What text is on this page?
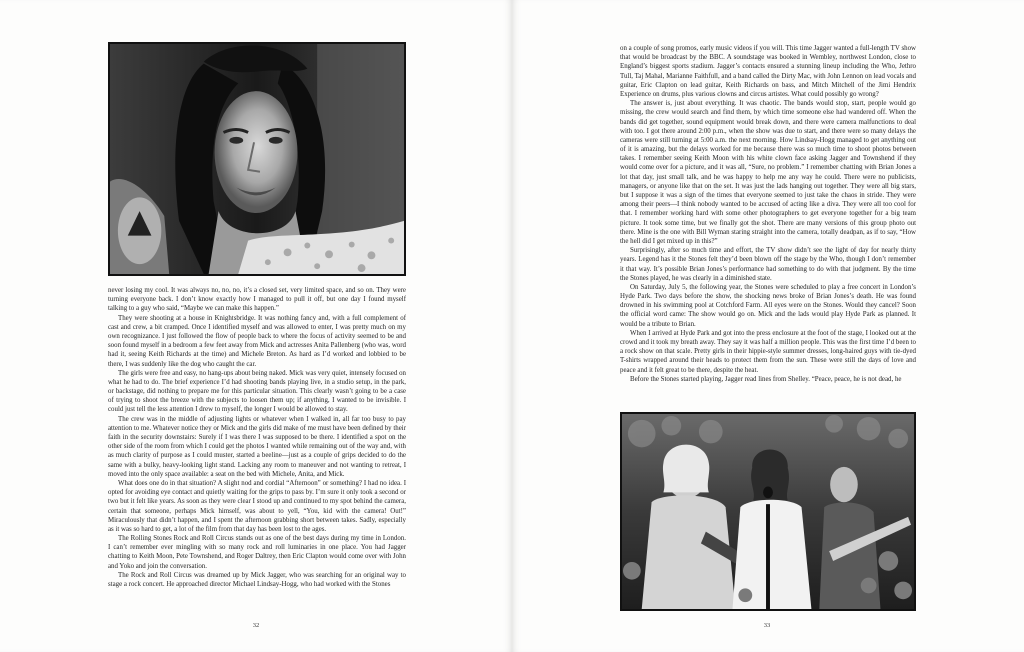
never losing my cool. It was always no, no, no, it’s a closed set, very limited space, and so on. They were turning everyone back. I don’t know exactly how I managed to pull it off, but one day I found myself talking to a guy who said, “Maybe we can make this happen.”

They were shooting at a house in Knightsbridge. It was nothing fancy and, with a full complement of cast and crew, a bit cramped. Once I identified myself and was allowed to enter, I was pretty much on my own recognizance. I just followed the flow of people back to where the focus of activity seemed to be and soon found myself in a bedroom a few feet away from Mick and actresses Anita Pallenberg (who was, word had it, seeing Keith Richards at the time) and Michele Breton. As hard as I’d worked and lobbied to be there, I was suddenly like the dog who caught the car.

The girls were free and easy, no hang-ups about being naked. Mick was very quiet, intensely focused on what he had to do. The brief experience I’d had shooting bands playing live, in a studio setup, in the park, or backstage, did nothing to prepare me for this particular situation. This clearly wasn’t going to be a case of trying to shoot the breeze with the subjects to loosen them up; if anything, I wanted to be invisible. I could just tell the less attention I drew to myself, the longer I would be allowed to stay.

The crew was in the middle of adjusting lights or whatever when I walked in, all far too busy to pay attention to me. Whatever notice they or Mick and the girls did make of me must have been defined by their faith in the security downstairs: Surely if I was there I was supposed to be there. I identified a spot on the other side of the room from which I could get the photos I wanted while remaining out of the way and, with as much clarity of purpose as I could muster, started a beeline—just as a couple of grips decided to do the same with a bulky, heavy-looking light stand. Lacking any room to maneuver and not wanting to retreat, I moved into the only space available: a seat on the bed with Michele, Anita, and Mick.

What does one do in that situation? A slight nod and cordial “Afternoon” or something? I had no idea. I opted for avoiding eye contact and quietly waiting for the grips to pass by. I’m sure it only took a second or two but it felt like years. As soon as they were clear I stood up and continued to my spot behind the camera, certain that someone, perhaps Mick himself, was about to yell, “You, kid with the camera! Out!” Miraculously that didn’t happen, and I spent the afternoon grabbing short between takes. Sadly, especially as it was so hard to get, a lot of the film from that day has been lost to the ages.

The Rolling Stones Rock and Roll Circus stands out as one of the best days during my time in London. I can’t remember ever mingling with so many rock and roll luminaries in one place. You had Jagger chatting to Keith Moon, Pete Townshend, and Roger Daltrey, then Eric Clapton would come over with John and Yoko and join the conversation.

The Rock and Roll Circus was dreamed up by Mick Jagger, who was searching for an original way to stage a rock concert. He approached director Michael Lindsay-Hogg, who had worked with the Stones

32

on a couple of song promos, early music videos if you will. This time Jagger wanted a full-length TV show that would be broadcast by the BBC. A soundstage was booked in Wembley, northwest London, close to England’s biggest sports stadium. Jagger’s contacts ensured a stunning lineup including the Who, Jethro Tull, Taj Mahal, Marianne Faithfull, and a band called the Dirty Mac, with John Lennon on lead vocals and guitar, Eric Clapton on lead guitar, Keith Richards on bass, and Mitch Mitchell of the Jimi Hendrix Experience on drums, plus various clowns and circus artistes. What could possibly go wrong?

The answer is, just about everything. It was chaotic. The bands would stop, start, people would go missing, the crew would search and find them, by which time someone else had wandered off. When the bands did get together, sound equipment would break down, and there were camera malfunctions to deal with too. I got there around 2:00 p.m., when the show was due to start, and there were so many delays the cameras were still turning at 5:00 a.m. the next morning. How Lindsay-Hogg managed to get anything out of it is amazing, but the delays worked for me because there was so much time to shoot photos between takes. I remember seeing Keith Moon with his white clown face asking Jagger and Townshend if they would come over for a picture, and it was all, “Sure, no problem.” I remember chatting with Brian Jones a lot that day, just small talk, and he was happy to help me any way he could. There were no publicists, managers, or anyone like that on the set. It was just the lads hanging out together. They were all big stars, but I suppose it was a sign of the times that everyone seemed to just take the chaos in stride. They were among their peers—I think nobody wanted to be accused of acting like a diva. They were all too cool for that. I remember working hard with some other photographers to get everyone together for a big team picture. It took some time, but we finally got the shot. There are many versions of this group photo out there. Mine is the one with Bill Wyman staring straight into the camera, totally deadpan, as if to say, “How the hell did I get mixed up in this?”

Surprisingly, after so much time and effort, the TV show didn’t see the light of day for nearly thirty years. Legend has it the Stones felt they’d been blown off the stage by the Who, though I don’t remember it that way. It’s possible Brian Jones’s performance had something to do with that judgment. By the time the Stones played, he was clearly in a diminished state.

On Saturday, July 5, the following year, the Stones were scheduled to play a free concert in London’s Hyde Park. Two days before the show, the shocking news broke of Brian Jones’s death. He was found drowned in his swimming pool at Cotchford Farm. All eyes were on the Stones. Would they cancel? Soon the official word came: The show would go on. Mick and the lads would play Hyde Park as planned. It would be a tribute to Brian.

When I arrived at Hyde Park and got into the press enclosure at the foot of the stage, I looked out at the crowd and it took my breath away. They say it was half a million people. This was the first time I’d been to a rock show on that scale. Pretty girls in their hippie-style summer dresses, long-haired guys with tie-dyed T-shirts wrapped around their heads to protect them from the sun. These were still the days of love and peace and it felt great to be there, despite the heat.

Before the Stones started playing, Jagger read lines from Shelley. “Peace, peace, he is not dead, he

33
